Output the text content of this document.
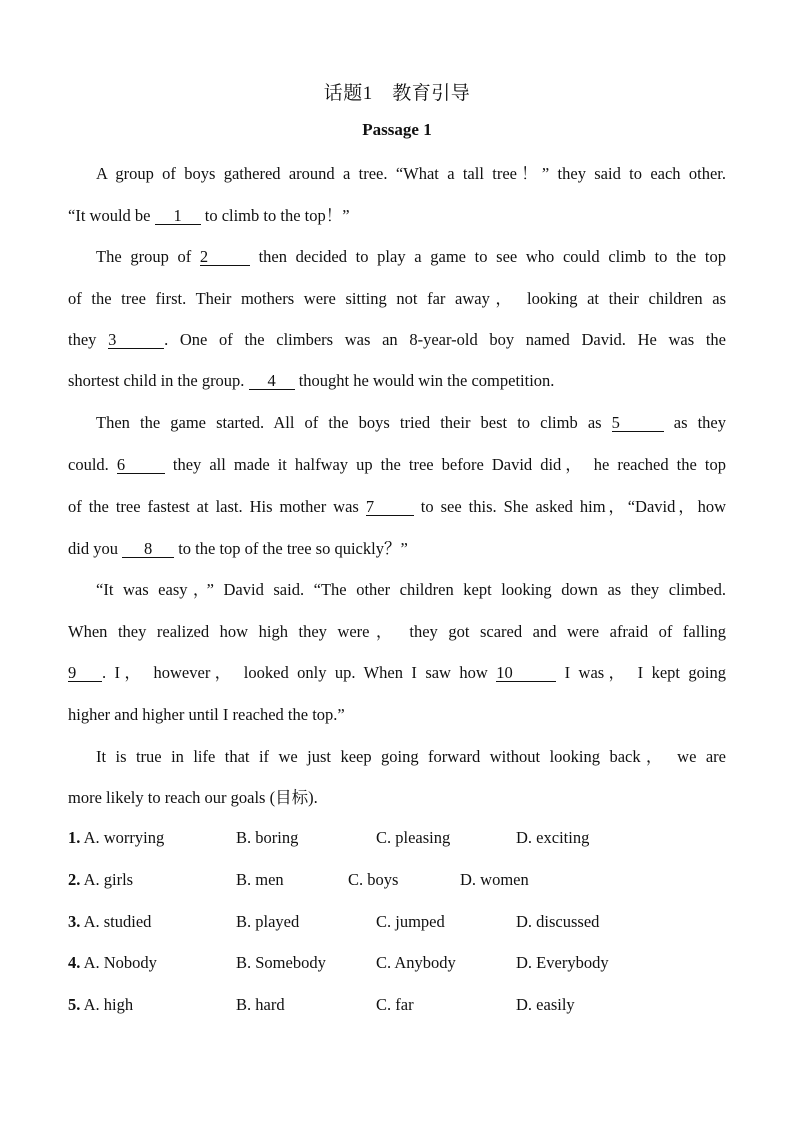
话题1　教育引导
Passage 1
A group of boys gathered around a tree. “What a tall tree！” they said to each other.
“It would be 1 to climb to the top！”
The group of 2	then decided to play a game to see who could climb to the top
of the tree first. Their mothers were sitting not far away， looking at their children as
they 3	. One of the climbers was an 8-year-old boy named David. He was the
shortest child in the group. 4 thought he would win the competition.
Then the game started. All of the boys tried their best to climb as 5	as they
could. 6 they all made it halfway up the tree before David did， he reached the top
of the tree fastest at last. His mother was 7 to see this. She asked him，“David，how
did you 8 to the top of the tree so quickly？”
“It was easy，” David said. “The other children kept looking down as they climbed.
When they realized how high they were， they got scared and were afraid of falling
9 . I， however， looked only up. When I saw how 10	I was， I kept going
higher and higher until I reached the top.”
It is true in life that if we just keep going forward without looking back， we are
more likely to reach our goals (目标).
1. A. worrying	B. boring	C. pleasing	D. exciting
2. A. girls	B. men	C. boys	D. women
3. A. studied	B. played	C. jumped	D. discussed
4. A. Nobody	B. Somebody	C. Anybody	D. Everybody
5. A. high	B. hard	C. far	D. easily
